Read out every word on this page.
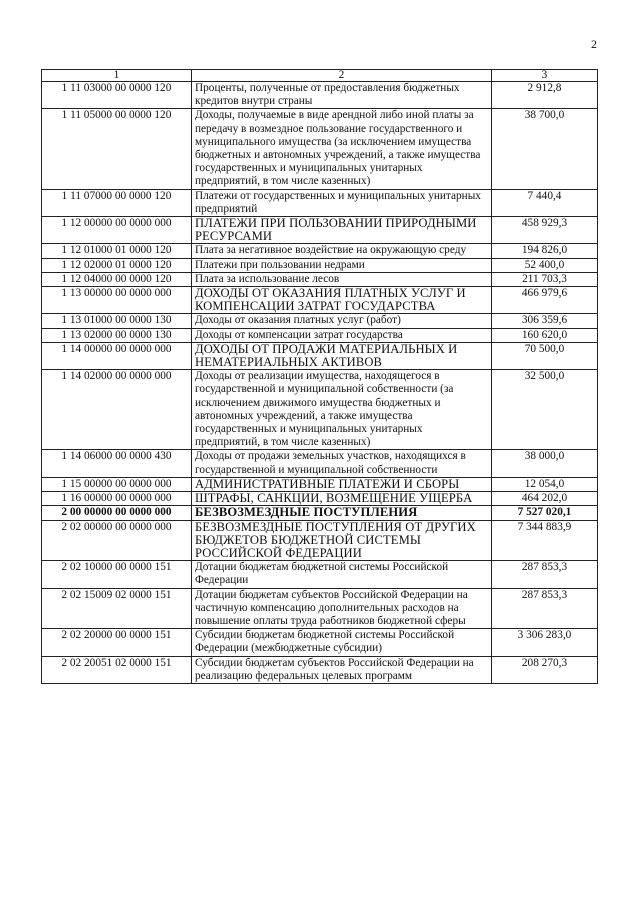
2
1	2	3
1 11 03000 00 0000 120	Проценты, полученные от предоставления бюджетных кредитов внутри страны	2 912,8
1 11 05000 00 0000 120	Доходы, получаемые в виде арендной либо иной платы за передачу в возмездное пользование государственного и муниципального имущества (за исключением имущества бюджетных и автономных учреждений, а также имущества государственных и муниципальных унитарных предприятий, в том числе казенных)	38 700,0
1 11 07000 00 0000 120	Платежи от государственных и муниципальных унитарных предприятий	7 440,4
1 12 00000 00 0000 000	ПЛАТЕЖИ ПРИ ПОЛЬЗОВАНИИ ПРИРОДНЫМИ РЕСУРСАМИ	458 929,3
1 12 01000 01 0000 120	Плата за негативное воздействие на окружающую среду	194 826,0
1 12 02000 01 0000 120	Платежи при пользовании недрами	52 400,0
1 12 04000 00 0000 120	Плата за использование лесов	211 703,3
1 13 00000 00 0000 000	ДОХОДЫ ОТ ОКАЗАНИЯ ПЛАТНЫХ УСЛУГ И КОМПЕНСАЦИИ ЗАТРАТ ГОСУДАРСТВА	466 979,6
1 13 01000 00 0000 130	Доходы от оказания платных услуг (работ)	306 359,6
1 13 02000 00 0000 130	Доходы от компенсации затрат государства	160 620,0
1 14 00000 00 0000 000	ДОХОДЫ ОТ ПРОДАЖИ МАТЕРИАЛЬНЫХ И НЕМАТЕРИАЛЬНЫХ АКТИВОВ	70 500,0
1 14 02000 00 0000 000	Доходы от реализации имущества, находящегося в государственной и муниципальной собственности (за исключением движимого имущества бюджетных и автономных учреждений, а также имущества государственных и муниципальных унитарных предприятий, в том числе казенных)	32 500,0
1 14 06000 00 0000 430	Доходы от продажи земельных участков, находящихся в государственной и муниципальной собственности	38 000,0
1 15 00000 00 0000 000	АДМИНИСТРАТИВНЫЕ ПЛАТЕЖИ И СБОРЫ	12 054,0
1 16 00000 00 0000 000	ШТРАФЫ, САНКЦИИ, ВОЗМЕЩЕНИЕ УЩЕРБА	464 202,0
2 00 00000 00 0000 000	БЕЗВОЗМЕЗДНЫЕ ПОСТУПЛЕНИЯ	7 527 020,1
2 02 00000 00 0000 000	БЕЗВОЗМЕЗДНЫЕ ПОСТУПЛЕНИЯ ОТ ДРУГИХ БЮДЖЕТОВ БЮДЖЕТНОЙ СИСТЕМЫ РОССИЙСКОЙ ФЕДЕРАЦИИ	7 344 883,9
2 02 10000 00 0000 151	Дотации бюджетам бюджетной системы Российской Федерации	287 853,3
2 02 15009 02 0000 151	Дотации бюджетам субъектов Российской Федерации на частичную компенсацию дополнительных расходов на повышение оплаты труда работников бюджетной сферы	287 853,3
2 02 20000 00 0000 151	Субсидии бюджетам бюджетной системы Российской Федерации (межбюджетные субсидии)	3 306 283,0
2 02 20051 02 0000 151	Субсидии бюджетам субъектов Российской Федерации на реализацию федеральных целевых программ	208 270,3
